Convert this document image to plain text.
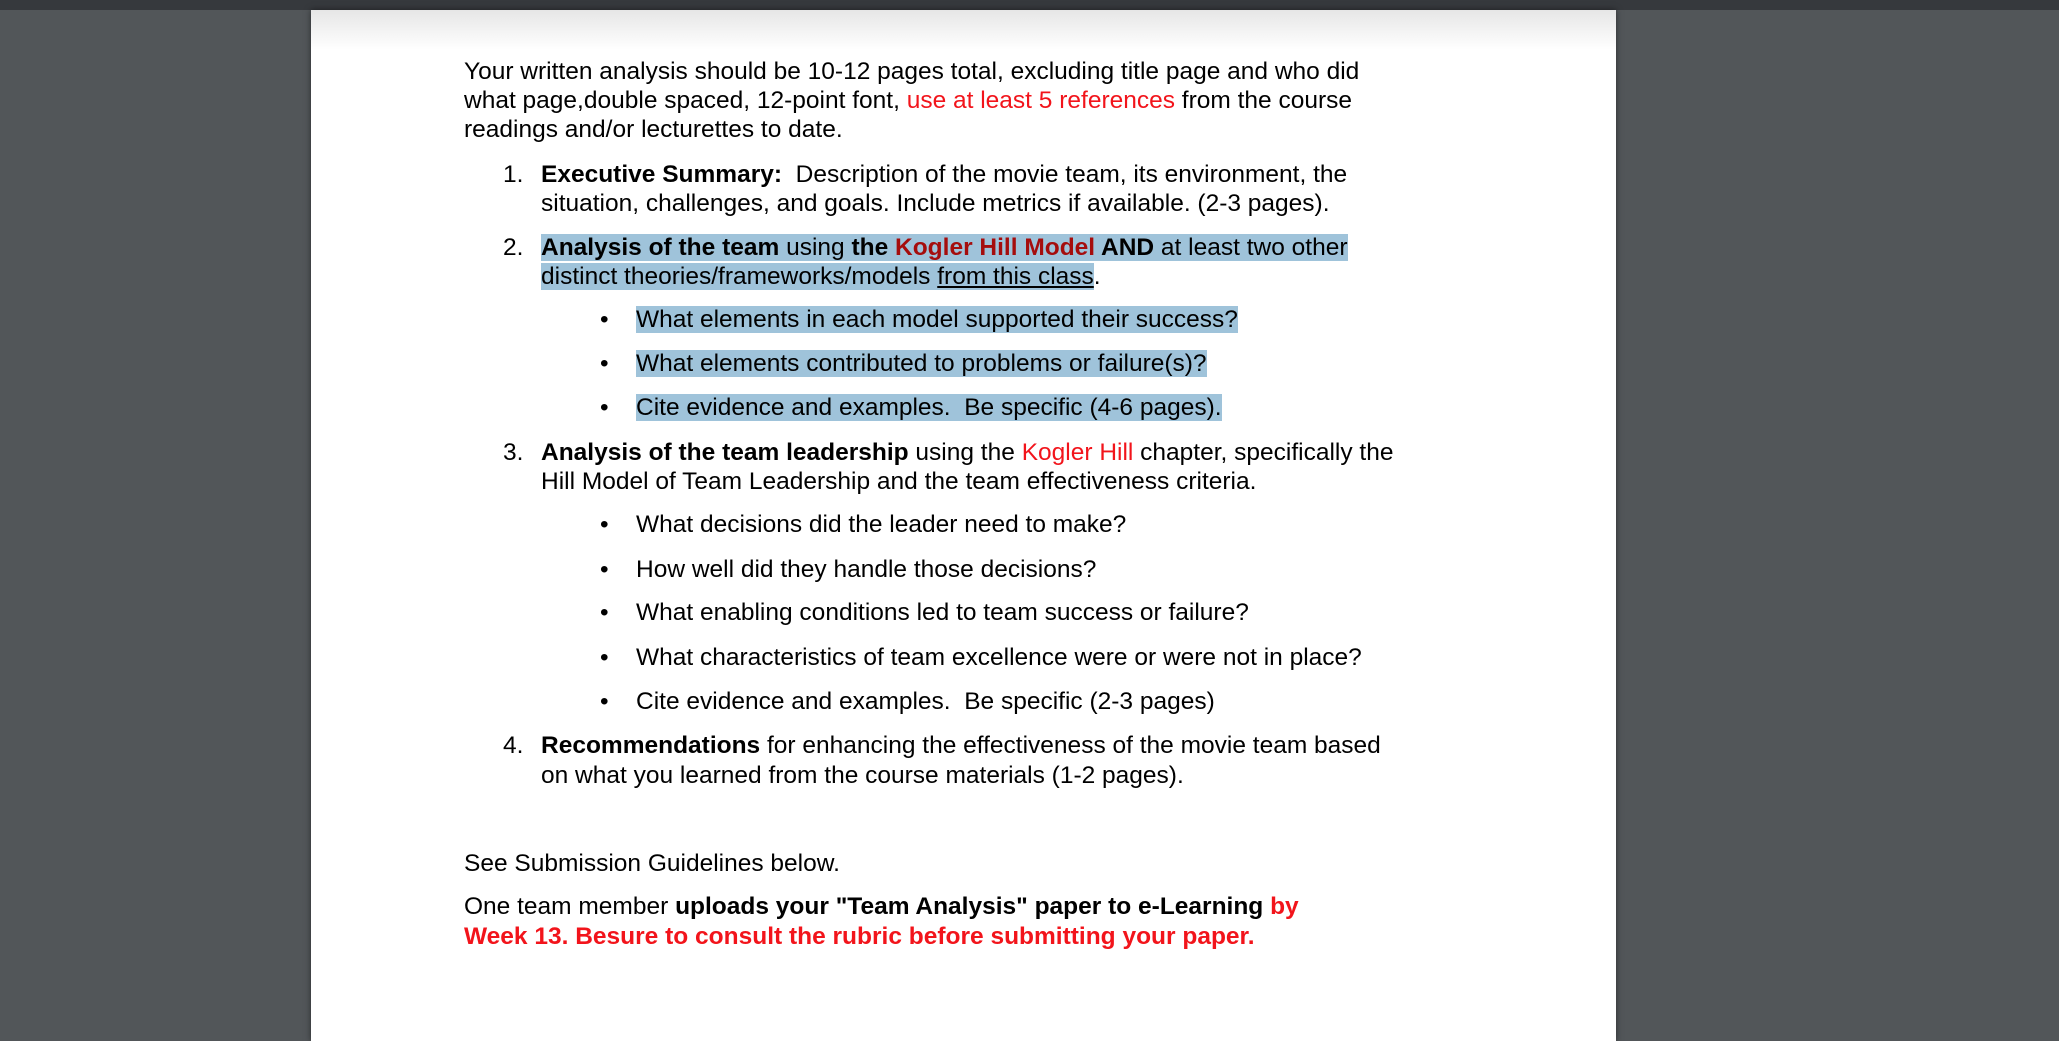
Your written analysis should be 10-12 pages total, excluding title page and who did
what page,double spaced, 12-point font, use at least 5 references from the course
readings and/or lecturettes to date.
1. Executive Summary:  Description of the movie team, its environment, the
situation, challenges, and goals. Include metrics if available. (2-3 pages).
2. Analysis of the team using the Kogler Hill Model AND at least two other
distinct theories/frameworks/models from this class.
• What elements in each model supported their success?
• What elements contributed to problems or failure(s)?
• Cite evidence and examples.  Be specific (4-6 pages).
3. Analysis of the team leadership using the Kogler Hill chapter, specifically the
Hill Model of Team Leadership and the team effectiveness criteria.
• What decisions did the leader need to make?
• How well did they handle those decisions?
• What enabling conditions led to team success or failure?
• What characteristics of team excellence were or were not in place?
• Cite evidence and examples.  Be specific (2-3 pages)
4. Recommendations for enhancing the effectiveness of the movie team based
on what you learned from the course materials (1-2 pages).
See Submission Guidelines below.
One team member uploads your "Team Analysis" paper to e-Learning by
Week 13. Besure to consult the rubric before submitting your paper.
